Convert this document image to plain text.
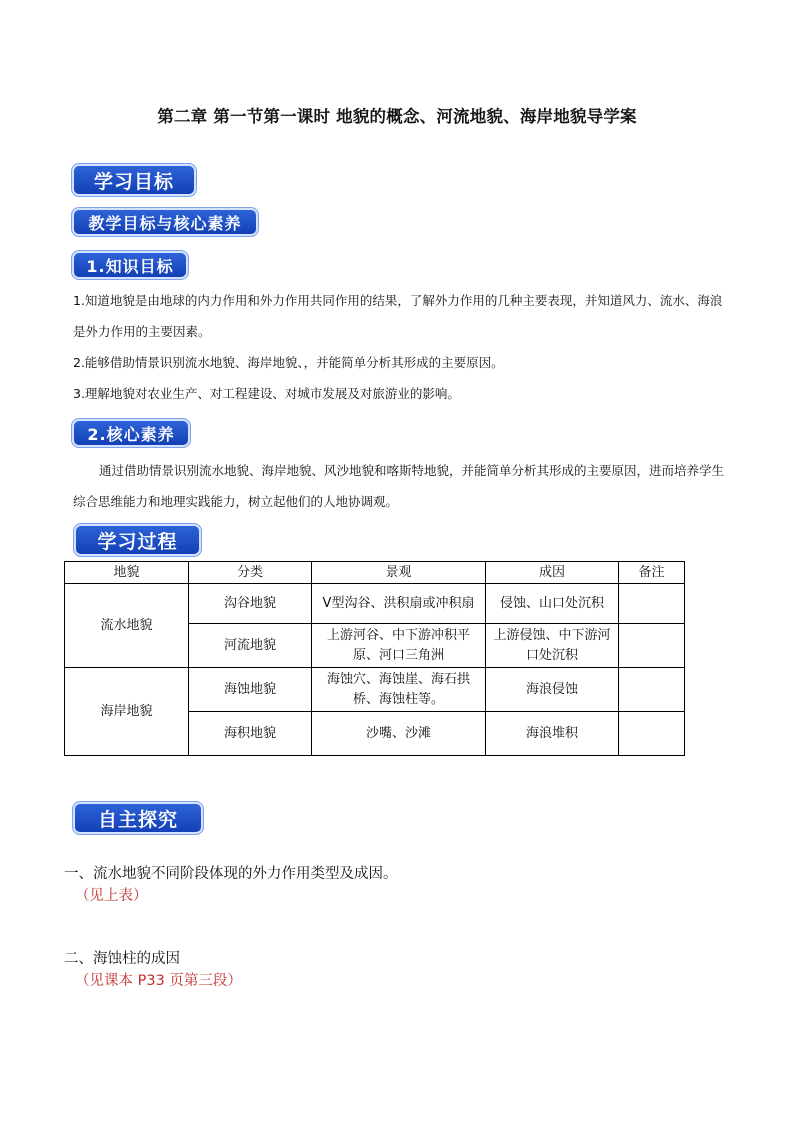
第二章 第一节第一课时 地貌的概念、河流地貌、海岸地貌导学案
学习目标
教学目标与核心素养
1.知识目标
1.知道地貌是由地球的内力作用和外力作用共同作用的结果，了解外力作用的几种主要表现，并知道风力、流水、海浪是外力作用的主要因素。
2.能够借助情景识别流水地貌、海岸地貌、，并能简单分析其形成的主要原因。
3.理解地貌对农业生产、对工程建设、对城市发展及对旅游业的影响。
2.核心素养
通过借助情景识别流水地貌、海岸地貌、风沙地貌和喀斯特地貌，并能简单分析其形成的主要原因，进而培养学生综合思维能力和地理实践能力，树立起他们的人地协调观。
学习过程
地貌	分类	景观	成因	备注
流水地貌	沟谷地貌	V型沟谷、洪积扇或冲积扇	侵蚀、山口处沉积	
	河流地貌	上游河谷、中下游冲积平原、河口三角洲	上游侵蚀、中下游河口处沉积	
海岸地貌	海蚀地貌	海蚀穴、海蚀崖、海石拱桥、海蚀柱等。	海浪侵蚀	
	海积地貌	沙嘴、沙滩	海浪堆积	
自主探究
一、流水地貌不同阶段体现的外力作用类型及成因。
（见上表）
二、海蚀柱的成因
（见课本 P33 页第三段）
